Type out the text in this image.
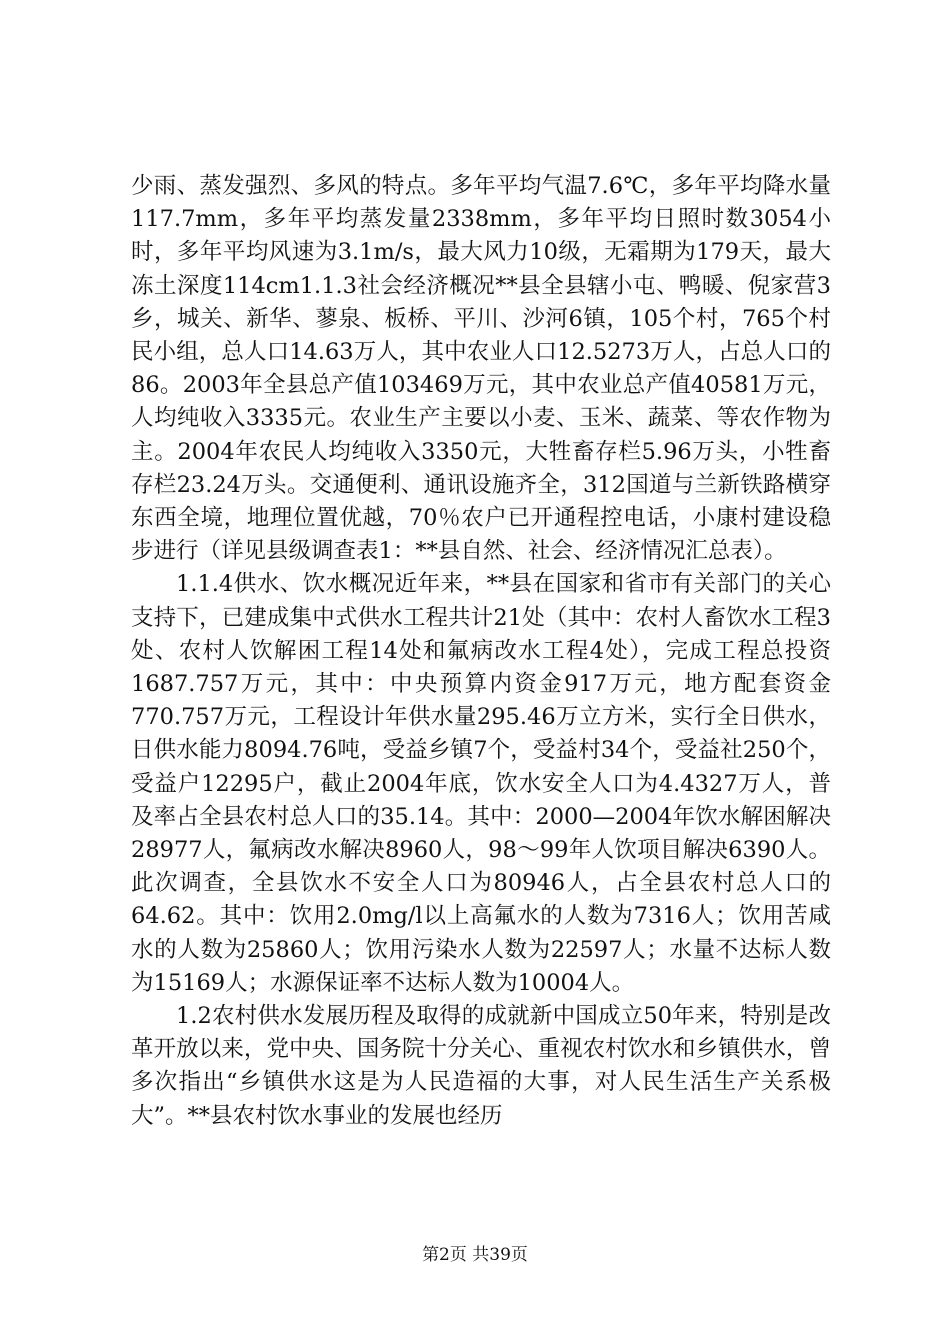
少雨、蒸发强烈、多风的特点。多年平均气温7.6℃，多年平均降水量117.7mm，多年平均蒸发量2338mm，多年平均日照时数3054小时，多年平均风速为3.1m/s，最大风力10级，无霜期为179天，最大冻土深度114cm1.1.3社会经济概况**县全县辖小屯、鸭暖、倪家营3乡，城关、新华、蓼泉、板桥、平川、沙河6镇，105个村，765个村民小组，总人口14.63万人，其中农业人口12.5273万人，占总人口的86。2003年全县总产值103469万元，其中农业总产值40581万元，人均纯收入3335元。农业生产主要以小麦、玉米、蔬菜、等农作物为主。2004年农民人均纯收入3350元，大牲畜存栏5.96万头，小牲畜存栏23.24万头。交通便利、通讯设施齐全，312国道与兰新铁路横穿东西全境，地理位置优越，70％农户已开通程控电话，小康村建设稳步进行（详见县级调查表1：**县自然、社会、经济情况汇总表）。

1.1.4供水、饮水概况近年来，**县在国家和省市有关部门的关心支持下，已建成集中式供水工程共计21处（其中：农村人畜饮水工程3处、农村人饮解困工程14处和氟病改水工程4处），完成工程总投资1687.757万元，其中：中央预算内资金917万元，地方配套资金770.757万元，工程设计年供水量295.46万立方米，实行全日供水，日供水能力8094.76吨，受益乡镇7个，受益村34个，受益社250个，受益户12295户，截止2004年底，饮水安全人口为4.4327万人，普及率占全县农村总人口的35.14。其中：2000—2004年饮水解困解决28977人，氟病改水解决8960人，98～99年人饮项目解决6390人。此次调查，全县饮水不安全人口为80946人，占全县农村总人口的64.62。其中：饮用2.0mg/l以上高氟水的人数为7316人；饮用苦咸水的人数为25860人；饮用污染水人数为22597人；水量不达标人数为15169人；水源保证率不达标人数为10004人。

1.2农村供水发展历程及取得的成就新中国成立50年来，特别是改革开放以来，党中央、国务院十分关心、重视农村饮水和乡镇供水，曾多次指出“乡镇供水这是为人民造福的大事，对人民生活生产关系极大”。**县农村饮水事业的发展也经历

第2页 共39页
